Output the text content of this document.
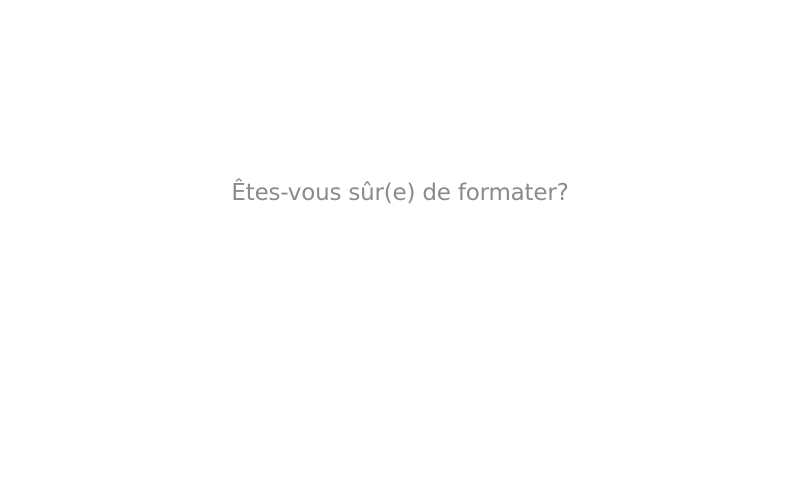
Êtes-vous sûr(e) de formater?
